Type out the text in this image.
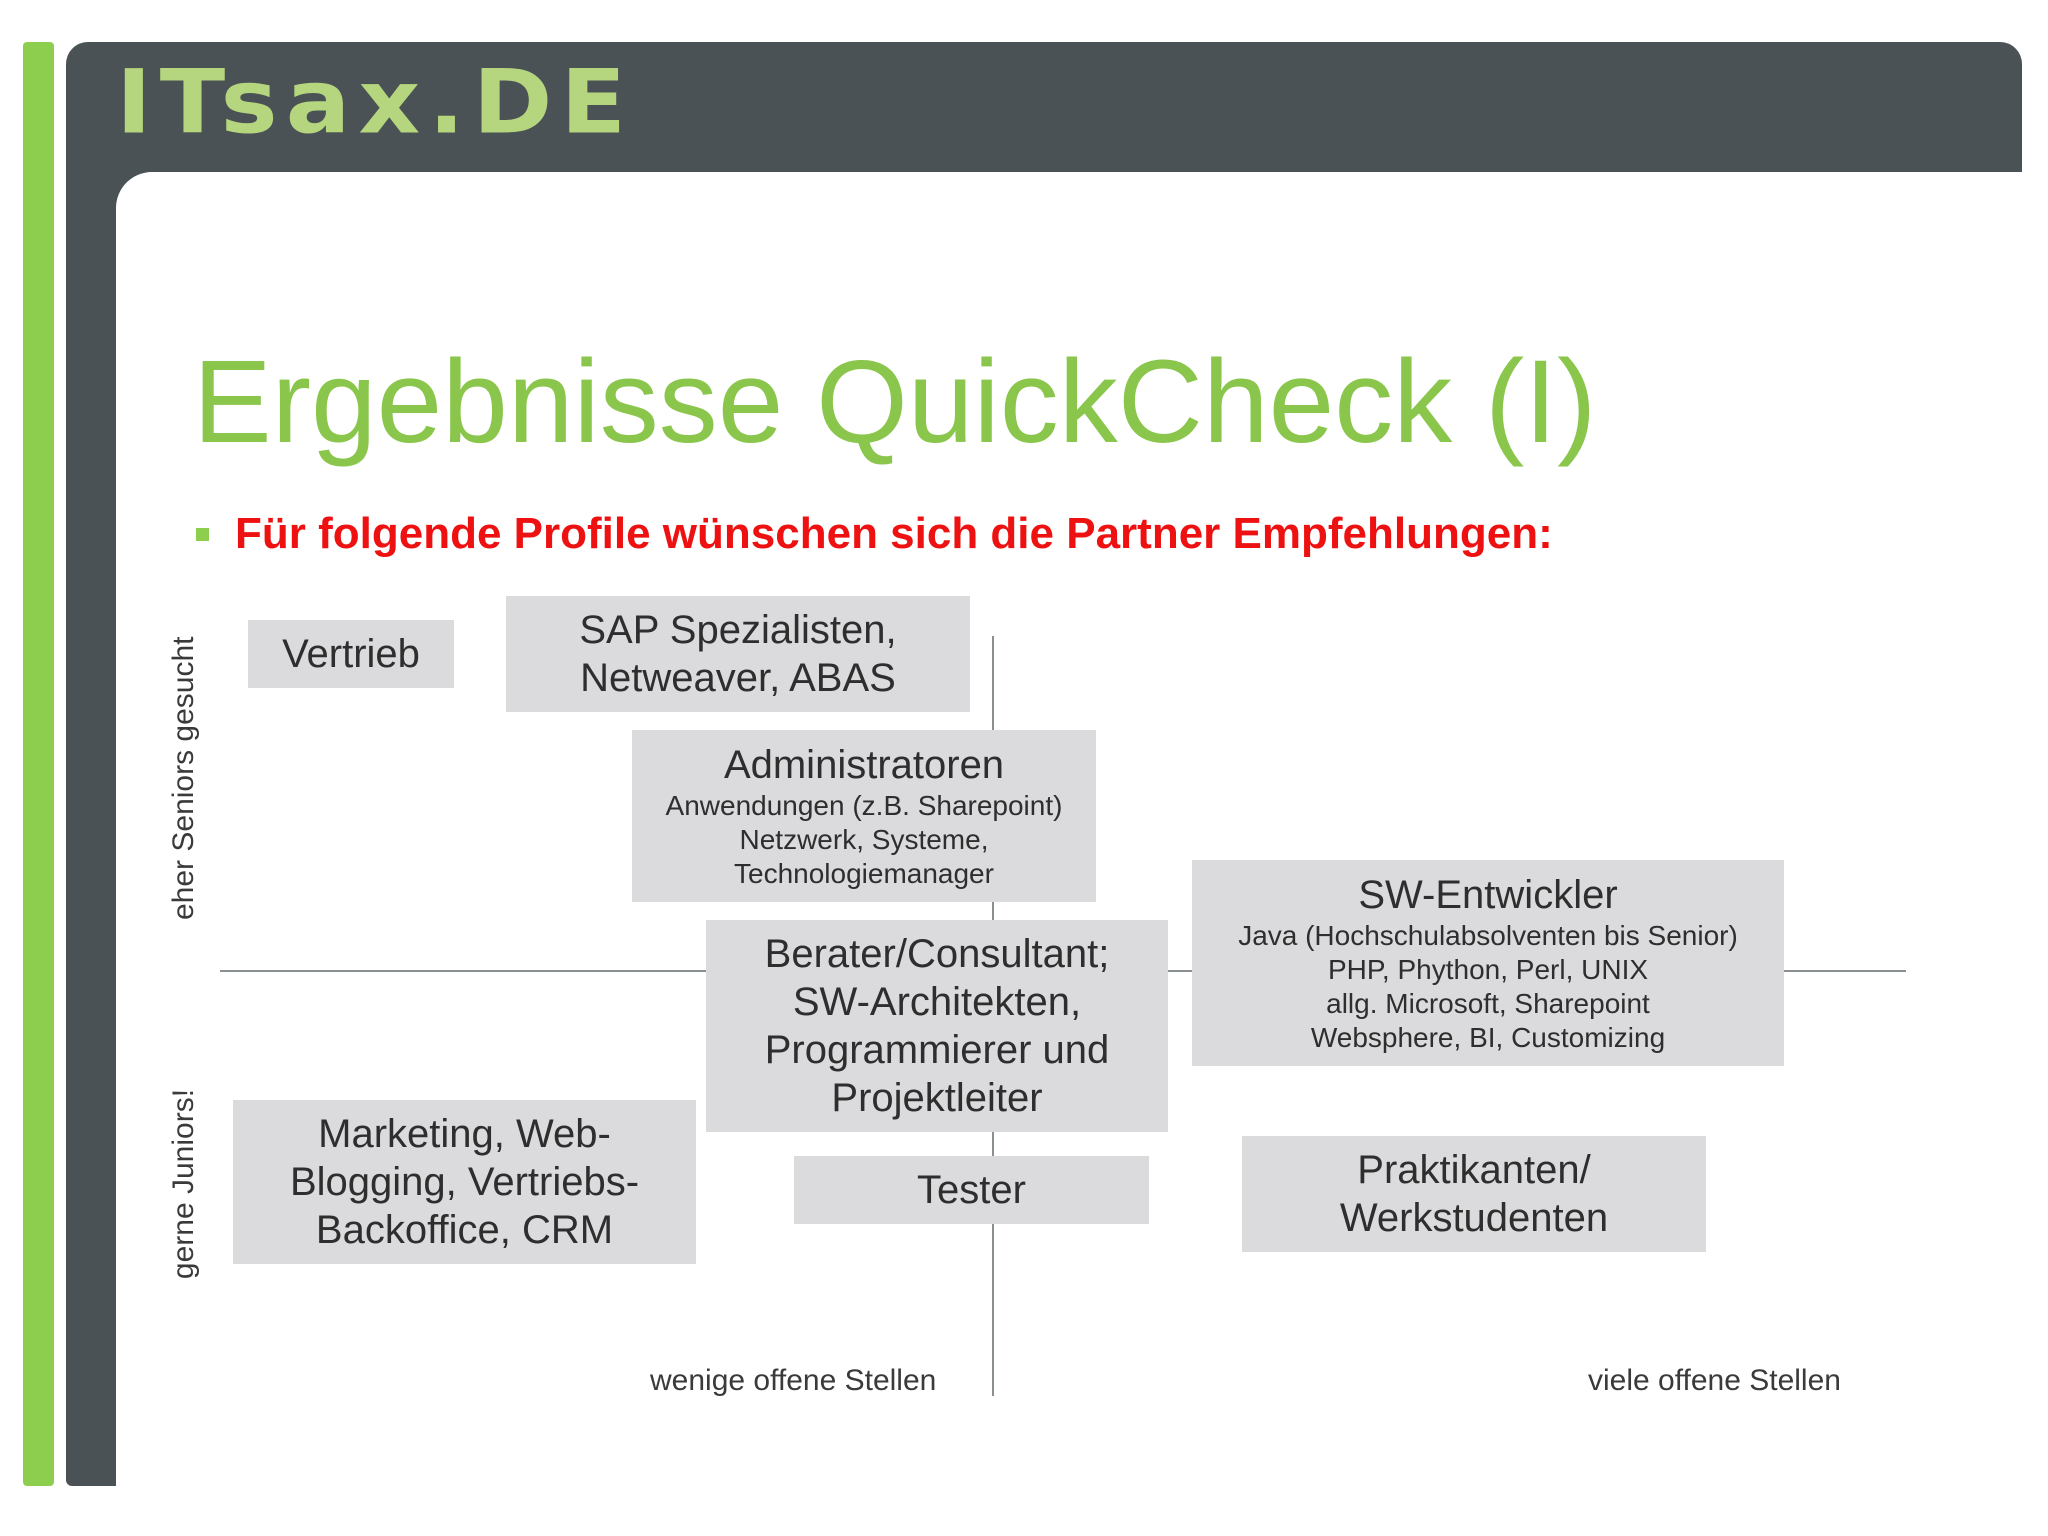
ITsax.DE
Ergebnisse QuickCheck (I)
Für folgende Profile wünschen sich die Partner Empfehlungen:
eher Seniors gesucht
gerne Juniors!
wenige offene Stellen	viele offene Stellen
Vertrieb
SAP Spezialisten,
Netweaver, ABAS
Administratoren
Anwendungen (z.B. Sharepoint)
Netzwerk, Systeme,
Technologiemanager
Berater/Consultant;
SW-Architekten,
Programmierer und
Projektleiter
SW-Entwickler
Java (Hochschulabsolventen bis Senior)
PHP, Phython, Perl, UNIX
allg. Microsoft, Sharepoint
Websphere, BI, Customizing
Marketing, Web-
Blogging, Vertriebs-
Backoffice, CRM
Tester	Praktikanten/
Werkstudenten
